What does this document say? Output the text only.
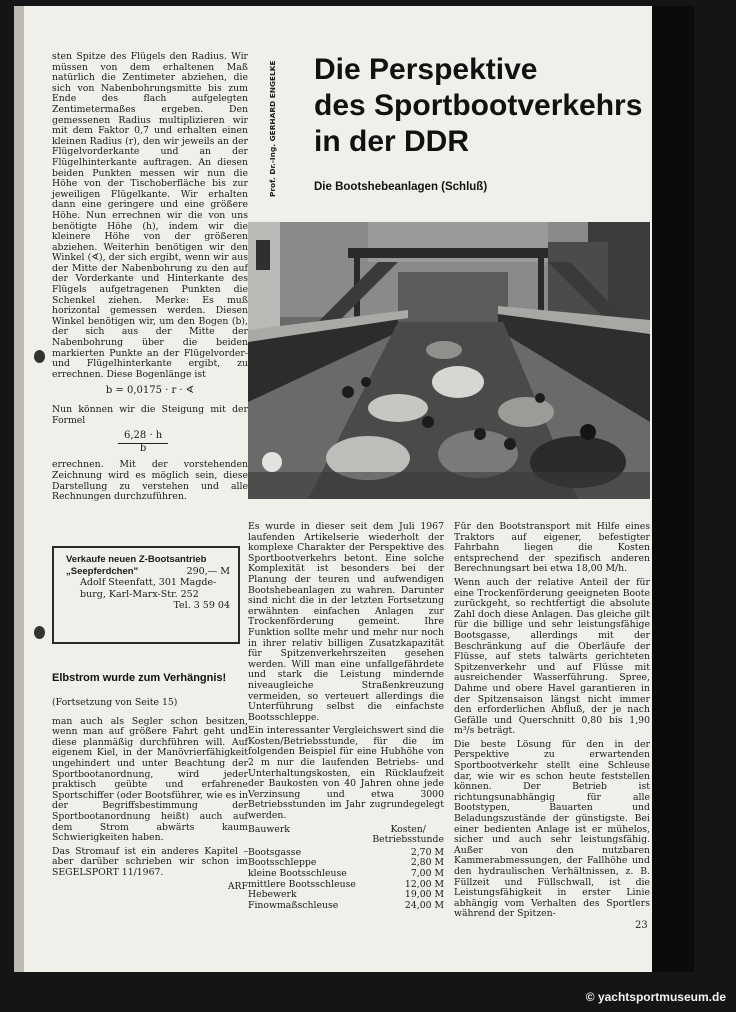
sten Spitze des Flügels den Radius. Wir müssen von dem erhaltenen Maß natürlich die Zentimeter abziehen, die sich von Nabenbohrungsmitte bis zum Ende des flach aufgelegten Zentimetermaßes ergeben. Den gemessenen Radius multiplizieren wir mit dem Faktor 0,7 und erhalten einen kleinen Radius (r), den wir jeweils an der Flügelvorderkante und an der Flügelhinterkante auftragen. An diesen beiden Punkten messen wir nun die Höhe von der Tischoberfläche bis zur jeweiligen Flügelkante. Wir erhalten dann eine geringere und eine größere Höhe. Nun errechnen wir die von uns benötigte Höhe (h), indem wir die kleinere Höhe von der größeren abziehen. Weiterhin benötigen wir den Winkel (∢), der sich ergibt, wenn wir aus der Mitte der Nabenbohrung zu den auf der Vorderkante und Hinterkante des Flügels aufgetragenen Punkten die Schenkel ziehen. Merke: Es muß horizontal gemessen werden. Diesen Winkel benötigen wir, um den Bogen (b), der sich aus der Mitte der Nabenbohrung über die beiden markierten Punkte an der Flügelvorder- und Flügelhinterkante ergibt, zu errechnen. Diese Bogenlänge ist

b = 0,0175 · r · ∢

Nun können wir die Steigung mit der Formel

$\frac{6,28 \cdot h}{b}$

errechnen. Mit der vorstehenden Zeichnung wird es möglich sein, diese Darstellung zu verstehen und alle Rechnungen durchzuführen.

Prof. Dr.-Ing. GERHARD ENGELKE Die Perspektive
des Sportbootverkehrs
in der DDR
Die Bootshebeanlagen (Schluß)
Verkaufe neuen Z-Bootsantrieb
„Seepferdchen"	290,— M
Adolf Steenfatt, 301 Magde-
burg, Karl-Marx-Str. 252
Tel. 3 59 04
Elbstrom wurde zum Verhängnis!

(Fortsetzung von Seite 15)

man auch als Segler schon besitzen, wenn man auf größere Fahrt geht und diese planmäßig durchführen will. Auf eigenem Kiel, in der Manövrierfähigkeit ungehindert und unter Beachtung der Sportbootanordnung, wird jeder praktisch geübte und erfahrene Sportschiffer (oder Bootsführer, wie es in der Begriffsbestimmung der Sportbootanordnung heißt) auch auf dem Strom abwärts kaum Schwierigkeiten haben.

Das Stromauf ist ein anderes Kapitel – aber darüber schrieben wir schon im SEGELSPORT 11/1967.

ARF

Es wurde in dieser seit dem Juli 1967 laufenden Artikelserie wiederholt der komplexe Charakter der Perspektive des Sportbootverkehrs betont. Eine solche Komplexität ist besonders bei der Planung der teuren und aufwendigen Bootshebeanlagen zu wahren. Darunter sind nicht die in der letzten Fortsetzung erwähnten einfachen Anlagen zur Trockenförderung gemeint. Ihre Funktion sollte mehr und mehr nur noch in ihrer relativ billigen Zusatzkapazität für Spitzenverkehrszeiten gesehen werden. Will man eine unfallgefährdete und stark die Leistung mindernde niveaugleiche Straßenkreuzung vermeiden, so verteuert allerdings die Unterführung selbst die einfachste Bootsschleppe.

Ein interessanter Vergleichswert sind die Kosten/Betriebsstunde, für die im folgenden Beispiel für eine Hubhöhe von 2 m nur die laufenden Betriebs- und Unterhaltungskosten, ein Rücklaufzeit der Baukosten von 40 Jahren ohne jede Verzinsung und etwa 3000 Betriebsstunden im Jahr zugrundegelegt werden.

Bauwerk	Kosten/
Betriebsstunde
Bootsgasse	2,70 M
Bootsschleppe	2,80 M
kleine Bootsschleuse	7,00 M
mittlere Bootsschleuse	12,00 M
Hebewerk	19,00 M
Finowmaßschleuse	24,00 M

Für den Bootstransport mit Hilfe eines Traktors auf eigener, befestigter Fahrbahn liegen die Kosten entsprechend der spezifisch anderen Berechnungsart bei etwa 18,00 M/h.

Wenn auch der relative Anteil der für eine Trockenförderung geeigneten Boote zurückgeht, so rechtfertigt die absolute Zahl doch diese Anlagen. Das gleiche gilt für die billige und sehr leistungsfähige Bootsgasse, allerdings mit der Beschränkung auf die Oberläufe der Flüsse, auf stets talwärts gerichteten Spitzenverkehr und auf Flüsse mit ausreichender Wasserführung. Spree, Dahme und obere Havel garantieren in der Spitzensaison längst nicht immer den erforderlichen Abfluß, der je nach Gefälle und Querschnitt 0,80 bis 1,90 m³/s beträgt.

Die beste Lösung für den in der Perspektive zu erwartenden Sportbootverkehr stellt eine Schleuse dar, wie wir es schon heute feststellen können. Der Betrieb ist richtungsunabhängig für alle Bootstypen, Bauarten und Beladungszustände der günstigste. Bei einer bedienten Anlage ist er mühelos, sicher und auch sehr leistungsfähig. Außer von den nutzbaren Kammerabmessungen, der Fallhöhe und den hydraulischen Verhältnissen, z. B. Füllzeit und Füllschwall, ist die Leistungsfähigkeit in erster Linie abhängig vom Verhalten des Sportlers während der Spitzen-

23
© yachtsportmuseum.de
